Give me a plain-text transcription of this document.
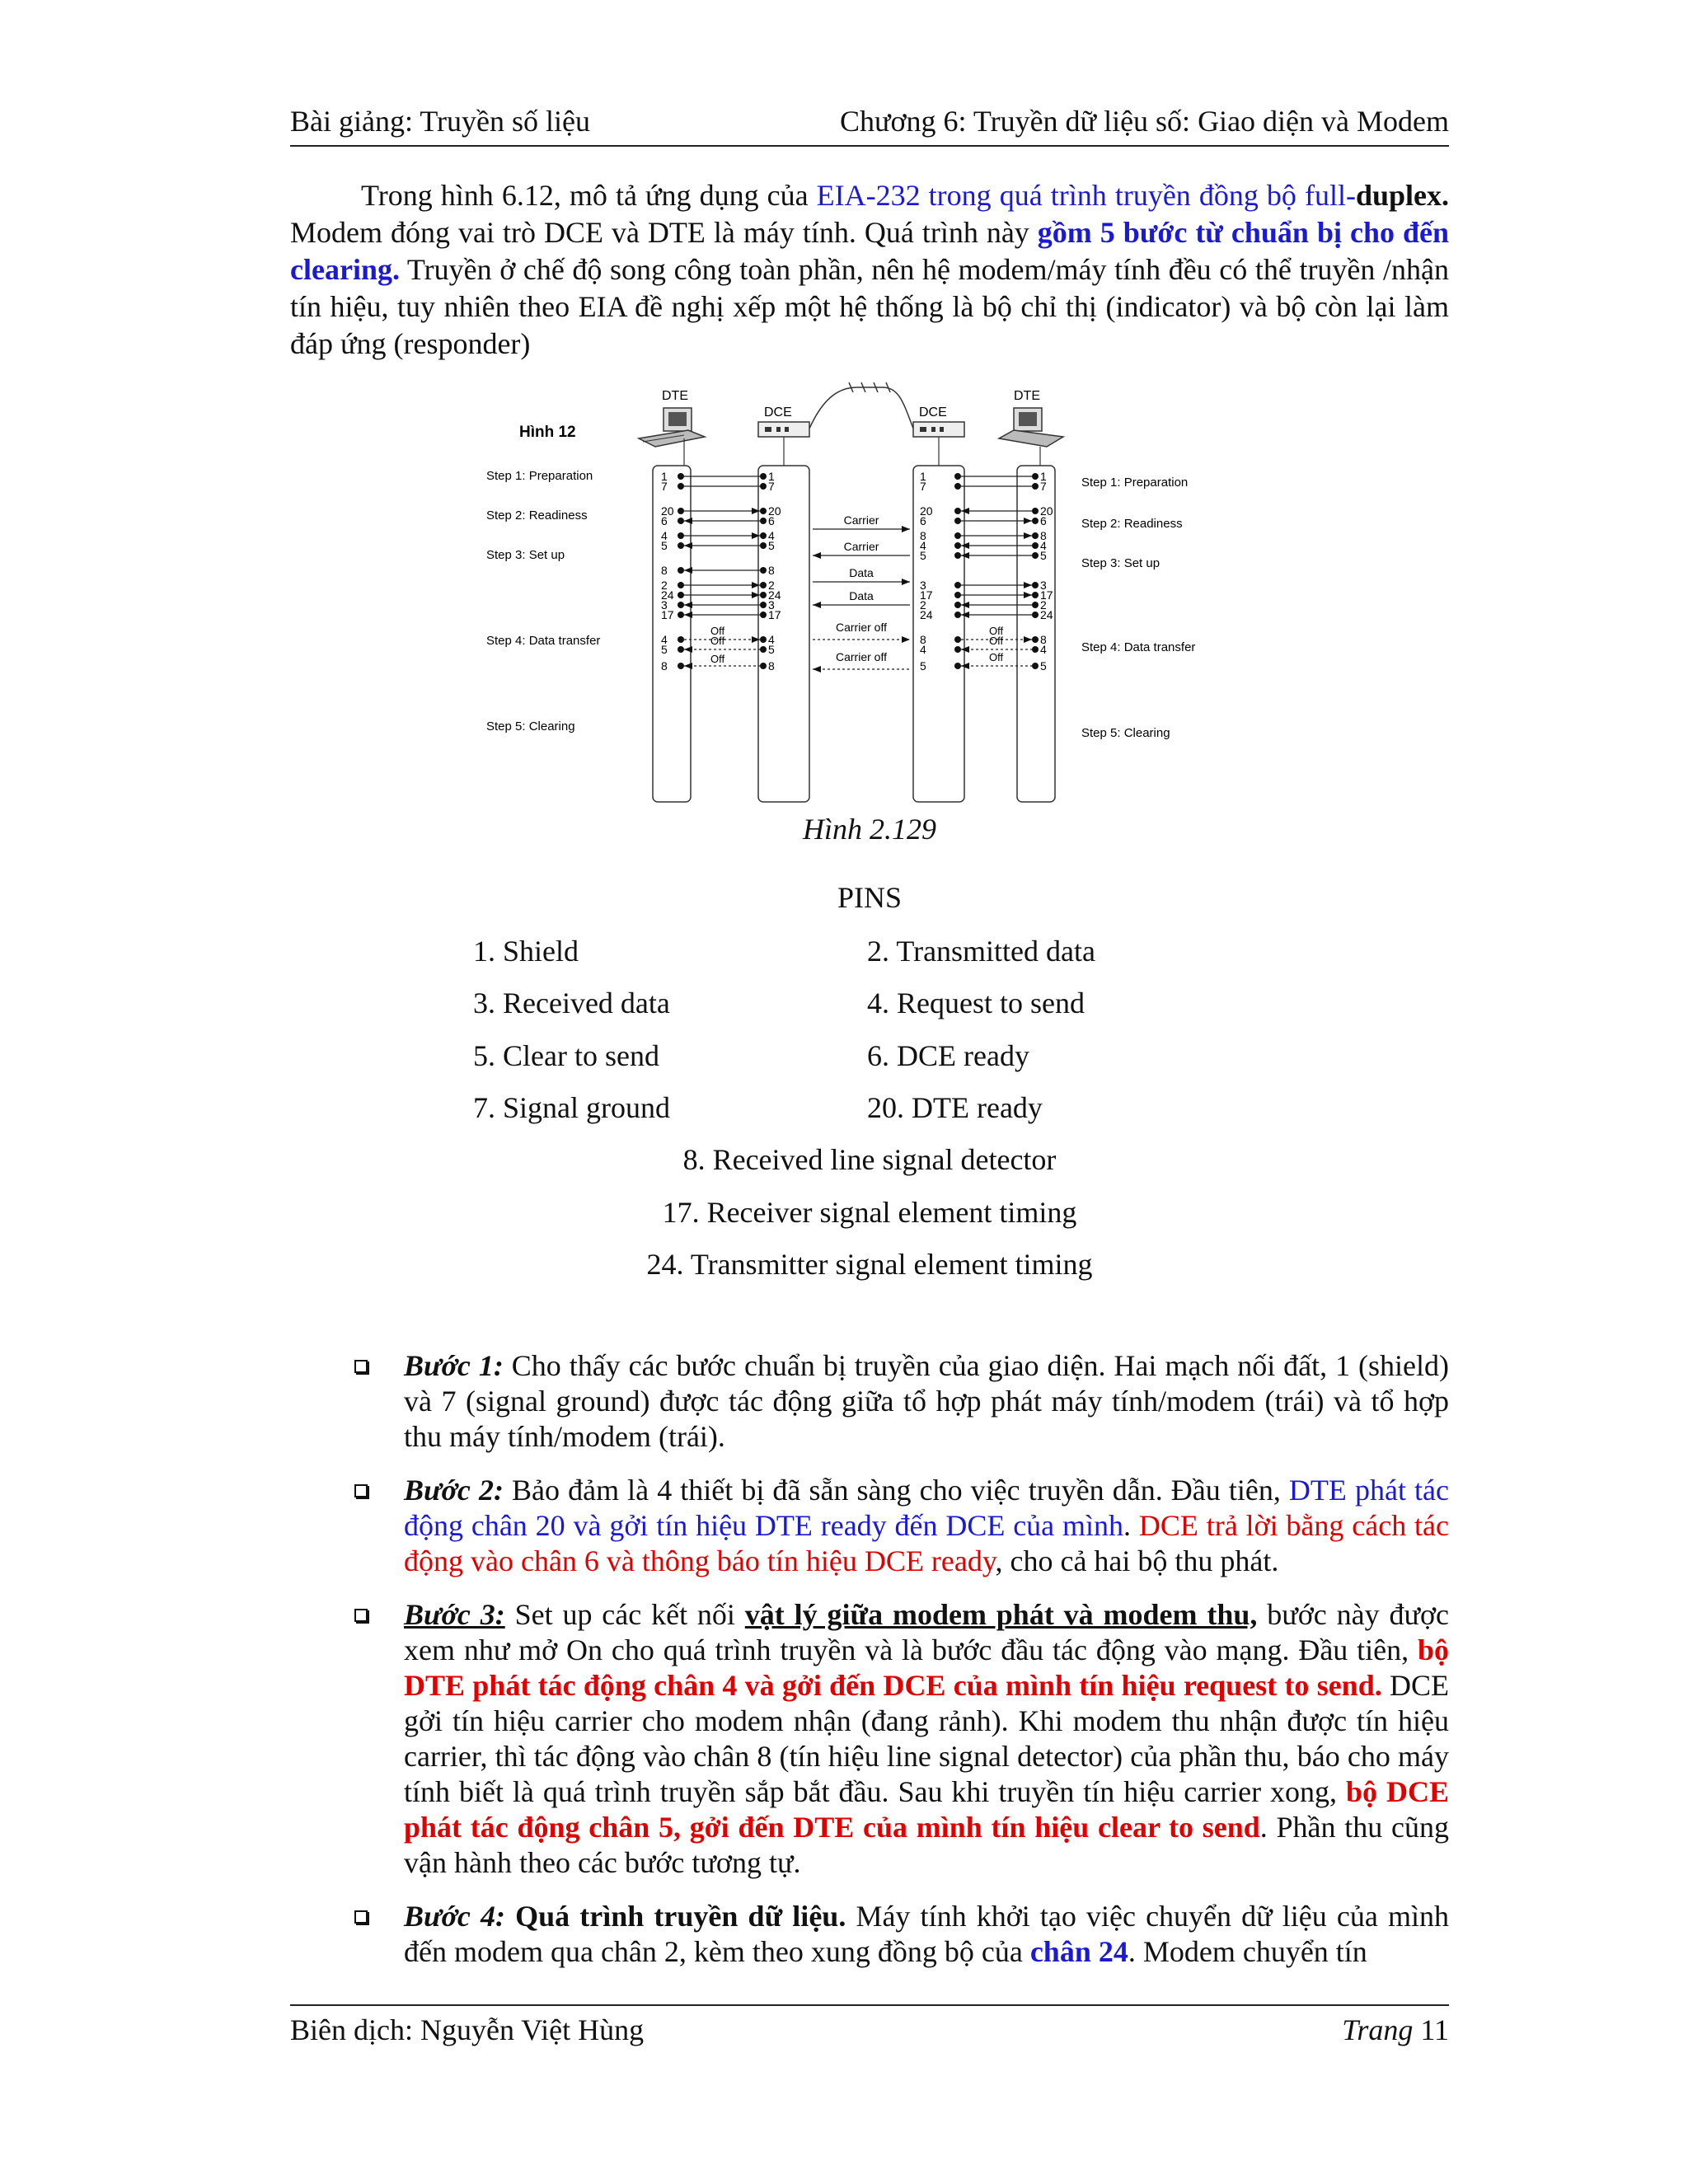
Bài giảng: Truyền số liệu	Chương 6: Truyền dữ liệu số: Giao diện và Modem
Trong hình 6.12, mô tả ứng dụng của EIA-232 trong quá trình truyền đồng bộ full-duplex. Modem đóng vai trò DCE và DTE là máy tính. Quá trình này gồm 5 bước từ chuẩn bị cho đến clearing. Truyền ở chế độ song công toàn phần, nên hệ modem/máy tính đều có thể truyền /nhận tín hiệu, tuy nhiên theo EIA đề nghị xếp một hệ thống là bộ chỉ thị (indicator) và bộ còn lại làm đáp ứng (responder)
Hình 12
DTE
DCE	DCE
DTE
1	1
7	7
20	20
6	6
4	4
5	5
8	8
2	2
24	24
3	3
17	17
4	4
5	5
8	8
1	1
7	7
20	20
6	6
8	8
4	4
5	5
3	3
17	17
2	2
24	24
8	8
4	4
5	5
Off
Off
Off
Off
Off
Off
Carrier
Carrier
Data
Data
Carrier off
Carrier off
Step 1: Preparation
Step 2: Readiness
Step 3: Set up
Step 4: Data transfer
Step 5: Clearing
Step 1: Preparation
Step 2: Readiness
Step 3: Set up
Step 4: Data transfer
Step 5: Clearing
Hình 2.129
PINS
1. Shield	2. Transmitted data
3. Received data	4. Request to send
5. Clear to send	6. DCE ready
7. Signal ground	20. DTE ready
8. Received line signal detector
17. Receiver signal element timing
24. Transmitter signal element timing
Bước 1: Cho thấy các bước chuẩn bị truyền của giao diện. Hai mạch nối đất, 1 (shield) và 7 (signal ground) được tác động giữa tổ hợp phát máy tính/modem (trái) và tổ hợp thu máy tính/modem (trái).
Bước 2: Bảo đảm là 4 thiết bị đã sẵn sàng cho việc truyền dẫn. Đầu tiên, DTE phát tác động chân 20 và gởi tín hiệu DTE ready đến DCE của mình. DCE trả lời bằng cách tác động vào chân 6 và thông báo tín hiệu DCE ready, cho cả hai bộ thu phát.
Bước 3: Set up các kết nối vật lý giữa modem phát và modem thu, bước này được xem như mở On cho quá trình truyền và là bước đầu tác động vào mạng. Đầu tiên, bộ DTE phát tác động chân 4 và gởi đến DCE của mình tín hiệu request to send. DCE gởi tín hiệu carrier cho modem nhận (đang rảnh). Khi modem thu nhận được tín hiệu carrier, thì tác động vào chân 8 (tín hiệu line signal detector) của phần thu, báo cho máy tính biết là quá trình truyền sắp bắt đầu. Sau khi truyền tín hiệu carrier xong, bộ DCE phát tác động chân 5, gởi đến DTE của mình tín hiệu clear to send. Phần thu cũng vận hành theo các bước tương tự.
Bước 4: Quá trình truyền dữ liệu. Máy tính khởi tạo việc chuyển dữ liệu của mình đến modem qua chân 2, kèm theo xung đồng bộ của chân 24. Modem chuyển tín
Biên dịch: Nguyễn Việt Hùng	Trang 11
